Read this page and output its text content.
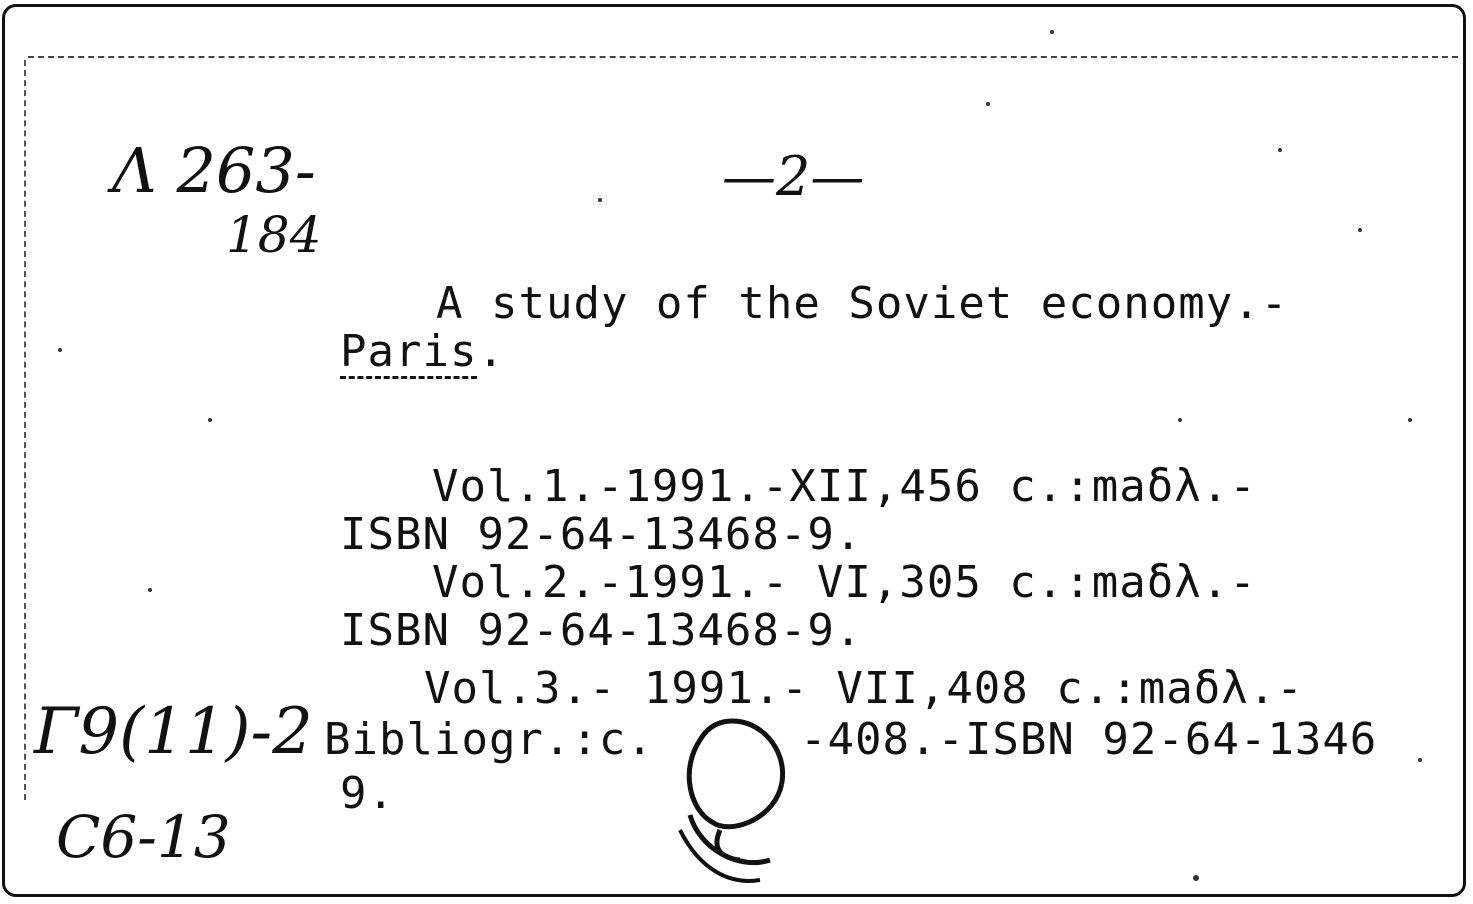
Λ 263-
184
—2—
A study of the Soviet economy.-
Paris.
Vol.1.-1991.-XII,456 c.:maδλ.-
ISBN 92-64-13468-9.
Vol.2.-1991.- VI,305 c.:maδλ.-
ISBN 92-64-13468-9.
Vol.3.- 1991.- VII,408 c.:maδλ.-
Bibliogr.:c.	-408.-ISBN 92-64-1346
9.
Γ9(11)-2
C6-13
